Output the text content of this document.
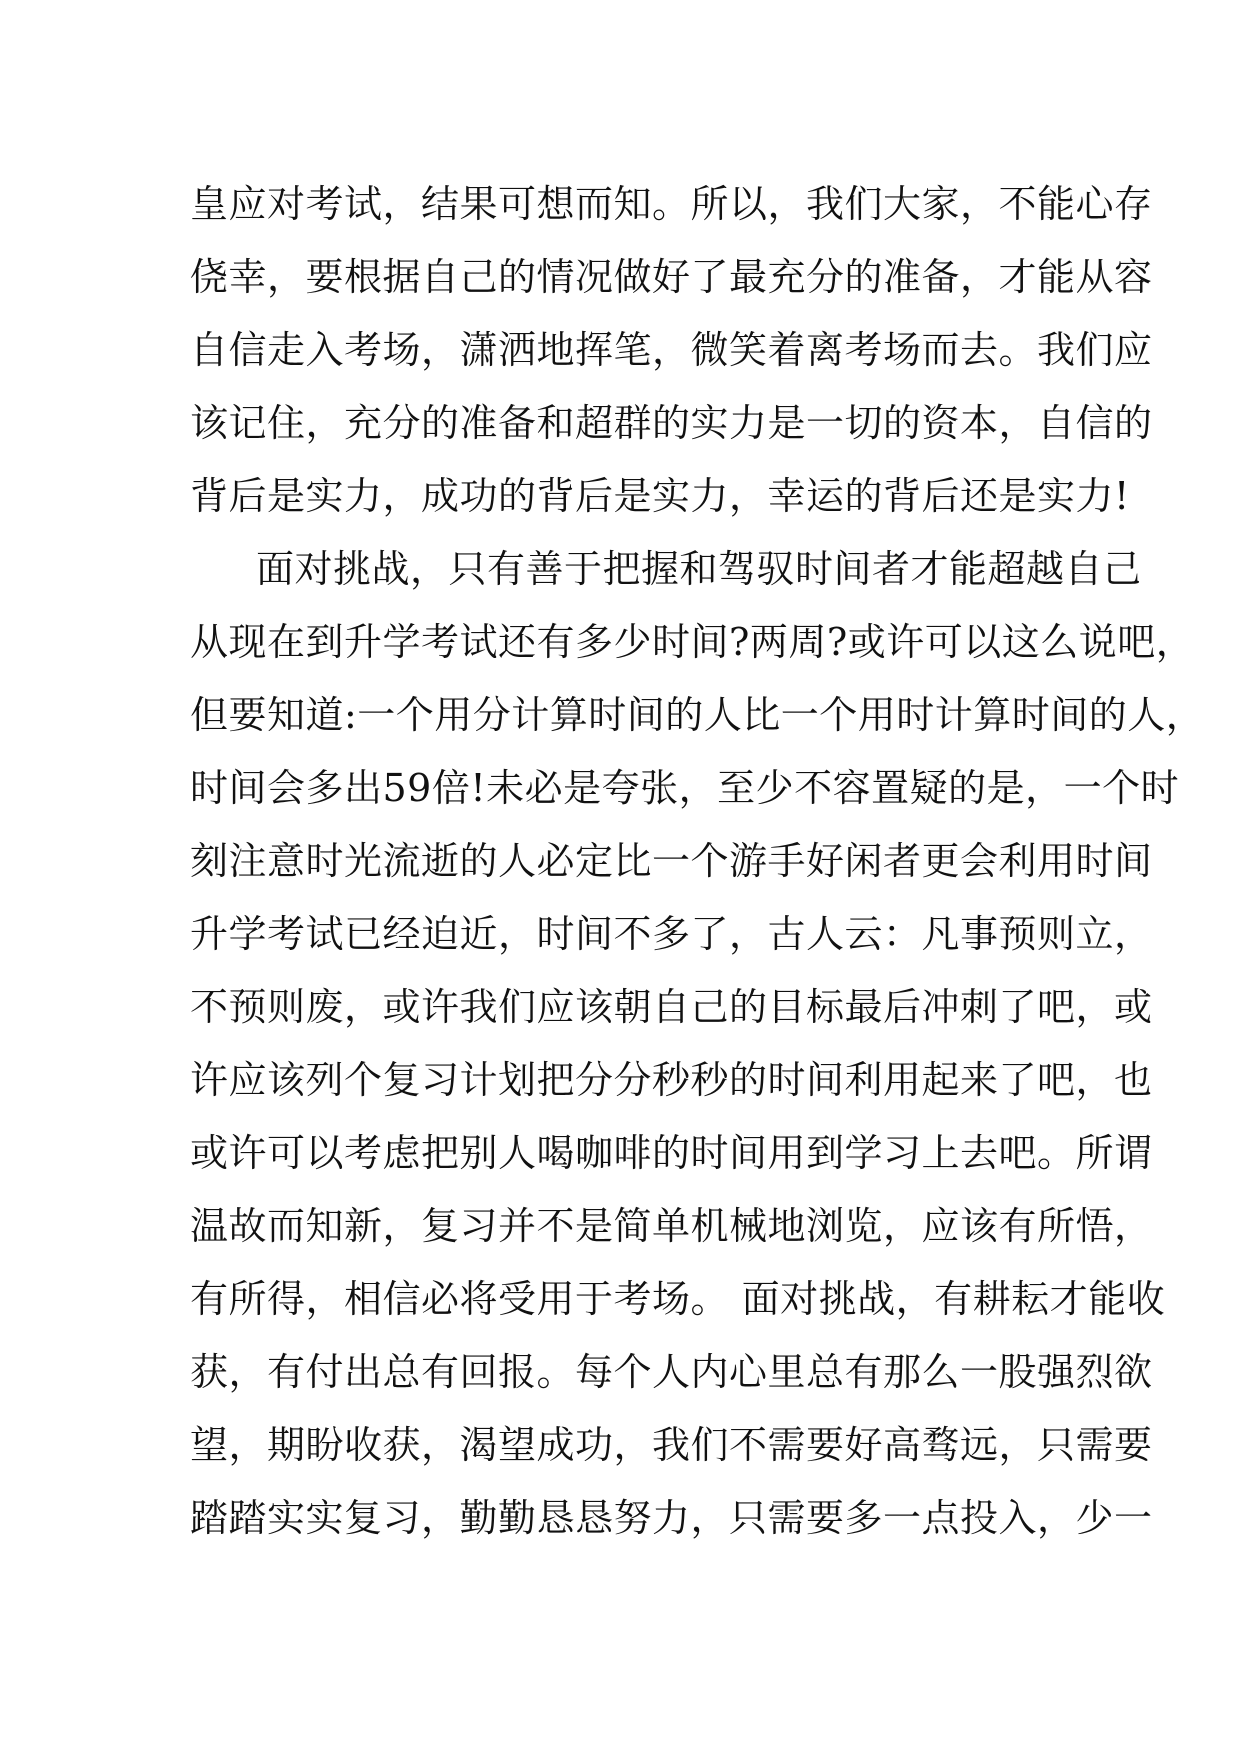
皇应对考试，结果可想而知。所以，我们大家，不能心存
侥幸，要根据自己的情况做好了最充分的准备，才能从容
自信走入考场，潇洒地挥笔，微笑着离考场而去。我们应
该记住，充分的准备和超群的实力是一切的资本，自信的
背后是实力，成功的背后是实力，幸运的背后还是实力!
面对挑战，只有善于把握和驾驭时间者才能超越自己
从现在到升学考试还有多少时间?两周?或许可以这么说吧，
但要知道:一个用分计算时间的人比一个用时计算时间的人，
时间会多出59倍!未必是夸张，至少不容置疑的是，一个时
刻注意时光流逝的人必定比一个游手好闲者更会利用时间
升学考试已经迫近，时间不多了，古人云：凡事预则立，
不预则废，或许我们应该朝自己的目标最后冲刺了吧，或
许应该列个复习计划把分分秒秒的时间利用起来了吧，也
或许可以考虑把别人喝咖啡的时间用到学习上去吧。所谓
温故而知新，复习并不是简单机械地浏览，应该有所悟，
有所得，相信必将受用于考场。 面对挑战，有耕耘才能收
获，有付出总有回报。每个人内心里总有那么一股强烈欲
望，期盼收获，渴望成功，我们不需要好高骛远，只需要
踏踏实实复习，勤勤恳恳努力，只需要多一点投入，少一
